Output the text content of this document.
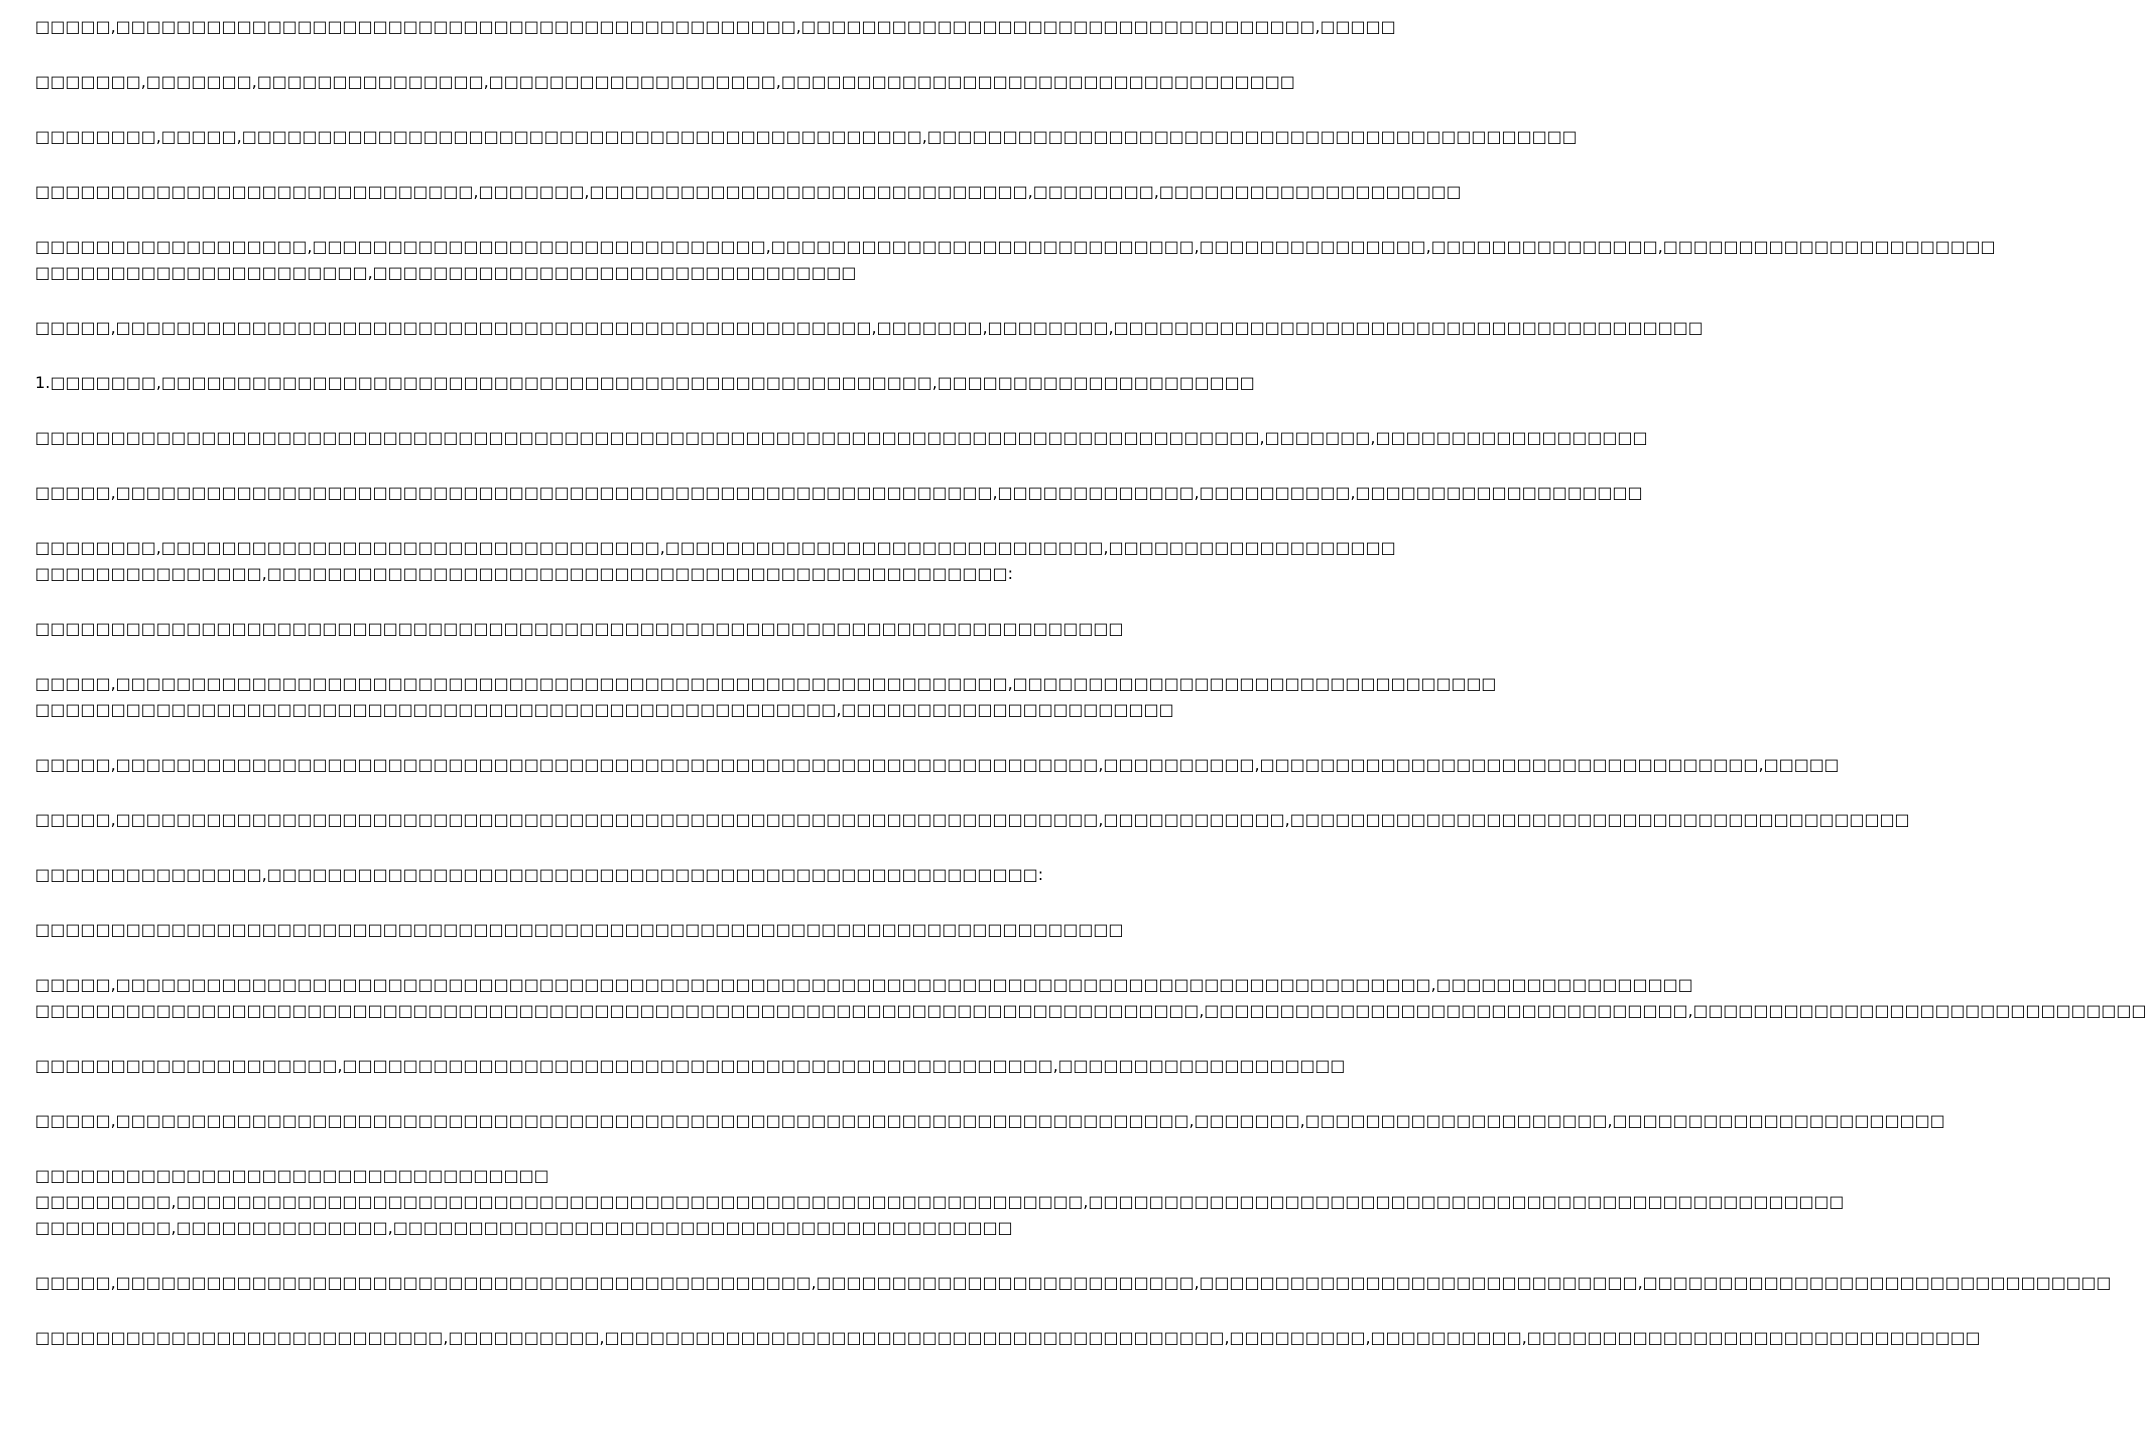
□□□□□,□□□□□□□□□□□□□□□□□□□□□□□□□□□□□□□□□□□□□□□□□□□□□,□□□□□□□□□□□□□□□□□□□□□□□□□□□□□□□□□□,□□□□□
□□□□□□□,□□□□□□□,□□□□□□□□□□□□□□□,□□□□□□□□□□□□□□□□□□□,□□□□□□□□□□□□□□□□□□□□□□□□□□□□□□□□□□
□□□□□□□□,□□□□□,□□□□□□□□□□□□□□□□□□□□□□□□□□□□□□□□□□□□□□□□□□□□□,□□□□□□□□□□□□□□□□□□□□□□□□□□□□□□□□□□□□□□□□□□□
□□□□□□□□□□□□□□□□□□□□□□□□□□□□□,□□□□□□□,□□□□□□□□□□□□□□□□□□□□□□□□□□□□□,□□□□□□□□,□□□□□□□□□□□□□□□□□□□□
□□□□□□□□□□□□□□□□□□,□□□□□□□□□□□□□□□□□□□□□□□□□□□□□□,□□□□□□□□□□□□□□□□□□□□□□□□□□□□,□□□□□□□□□□□□□□□,□□□□□□□□□□□□□□□,□□□□□□□□□□□□□□□□□□□□□□
□□□□□□□□□□□□□□□□□□□□□□,□□□□□□□□□□□□□□□□□□□□□□□□□□□□□□□□
□□□□□,□□□□□□□□□□□□□□□□□□□□□□□□□□□□□□□□□□□□□□□□□□□□□□□□□□,□□□□□□□,□□□□□□□□,□□□□□□□□□□□□□□□□□□□□□□□□□□□□□□□□□□□□□□□
1.□□□□□□□,□□□□□□□□□□□□□□□□□□□□□□□□□□□□□□□□□□□□□□□□□□□□□□□□□□□,□□□□□□□□□□□□□□□□□□□□□
□□□□□□□□□□□□□□□□□□□□□□□□□□□□□□□□□□□□□□□□□□□□□□□□□□□□□□□□□□□□□□□□□□□□□□□□□□□□□□□□□,□□□□□□□,□□□□□□□□□□□□□□□□□□
□□□□□,□□□□□□□□□□□□□□□□□□□□□□□□□□□□□□□□□□□□□□□□□□□□□□□□□□□□□□□□□□,□□□□□□□□□□□□□,□□□□□□□□□□,□□□□□□□□□□□□□□□□□□□
□□□□□□□□,□□□□□□□□□□□□□□□□□□□□□□□□□□□□□□□□□,□□□□□□□□□□□□□□□□□□□□□□□□□□□□□,□□□□□□□□□□□□□□□□□□□
□□□□□□□□□□□□□□□,□□□□□□□□□□□□□□□□□□□□□□□□□□□□□□□□□□□□□□□□□□□□□□□□□:
□□□□□□□□□□□□□□□□□□□□□□□□□□□□□□□□□□□□□□□□□□□□□□□□□□□□□□□□□□□□□□□□□□□□□□□□
□□□□□,□□□□□□□□□□□□□□□□□□□□□□□□□□□□□□□□□□□□□□□□□□□□□□□□□□□□□□□□□□□,□□□□□□□□□□□□□□□□□□□□□□□□□□□□□□□□
□□□□□□□□□□□□□□□□□□□□□□□□□□□□□□□□□□□□□□□□□□□□□□□□□□□□□,□□□□□□□□□□□□□□□□□□□□□□
□□□□□,□□□□□□□□□□□□□□□□□□□□□□□□□□□□□□□□□□□□□□□□□□□□□□□□□□□□□□□□□□□□□□□□□,□□□□□□□□□□,□□□□□□□□□□□□□□□□□□□□□□□□□□□□□□□□□,□□□□□
□□□□□,□□□□□□□□□□□□□□□□□□□□□□□□□□□□□□□□□□□□□□□□□□□□□□□□□□□□□□□□□□□□□□□□□,□□□□□□□□□□□□,□□□□□□□□□□□□□□□□□□□□□□□□□□□□□□□□□□□□□□□□□
□□□□□□□□□□□□□□□,□□□□□□□□□□□□□□□□□□□□□□□□□□□□□□□□□□□□□□□□□□□□□□□□□□□:
□□□□□□□□□□□□□□□□□□□□□□□□□□□□□□□□□□□□□□□□□□□□□□□□□□□□□□□□□□□□□□□□□□□□□□□□
□□□□□,□□□□□□□□□□□□□□□□□□□□□□□□□□□□□□□□□□□□□□□□□□□□□□□□□□□□□□□□□□□□□□□□□□□□□□□□□□□□□□□□□□□□□□□,□□□□□□□□□□□□□□□□□
□□□□□□□□□□□□□□□□□□□□□□□□□□□□□□□□□□□□□□□□□□□□□□□□□□□□□□□□□□□□□□□□□□□□□□□□□□□□□,□□□□□□□□□□□□□□□□□□□□□□□□□□□□□□□□,□□□□□□□□□□□□□□□□□□□□□□□□□□□□□□
□□□□□□□□□□□□□□□□□□□□,□□□□□□□□□□□□□□□□□□□□□□□□□□□□□□□□□□□□□□□□□□□□□□□,□□□□□□□□□□□□□□□□□□□
□□□□□,□□□□□□□□□□□□□□□□□□□□□□□□□□□□□□□□□□□□□□□□□□□□□□□□□□□□□□□□□□□□□□□□□□□□□□□,□□□□□□□,□□□□□□□□□□□□□□□□□□□□,□□□□□□□□□□□□□□□□□□□□□□
□□□□□□□□□□□□□□□□□□□□□□□□□□□□□□□□□□
□□□□□□□□□,□□□□□□□□□□□□□□□□□□□□□□□□□□□□□□□□□□□□□□□□□□□□□□□□□□□□□□□□□□□□,□□□□□□□□□□□□□□□□□□□□□□□□□□□□□□□□□□□□□□□□□□□□□□□□□□
□□□□□□□□□,□□□□□□□□□□□□□□,□□□□□□□□□□□□□□□□□□□□□□□□□□□□□□□□□□□□□□□□□
□□□□□,□□□□□□□□□□□□□□□□□□□□□□□□□□□□□□□□□□□□□□□□□□□□□□,□□□□□□□□□□□□□□□□□□□□□□□□□,□□□□□□□□□□□□□□□□□□□□□□□□□□□□□,□□□□□□□□□□□□□□□□□□□□□□□□□□□□□□□
□□□□□□□□□□□□□□□□□□□□□□□□□□□,□□□□□□□□□□,□□□□□□□□□□□□□□□□□□□□□□□□□□□□□□□□□□□□□□□□□,□□□□□□□□□,□□□□□□□□□□,□□□□□□□□□□□□□□□□□□□□□□□□□□□□□□
